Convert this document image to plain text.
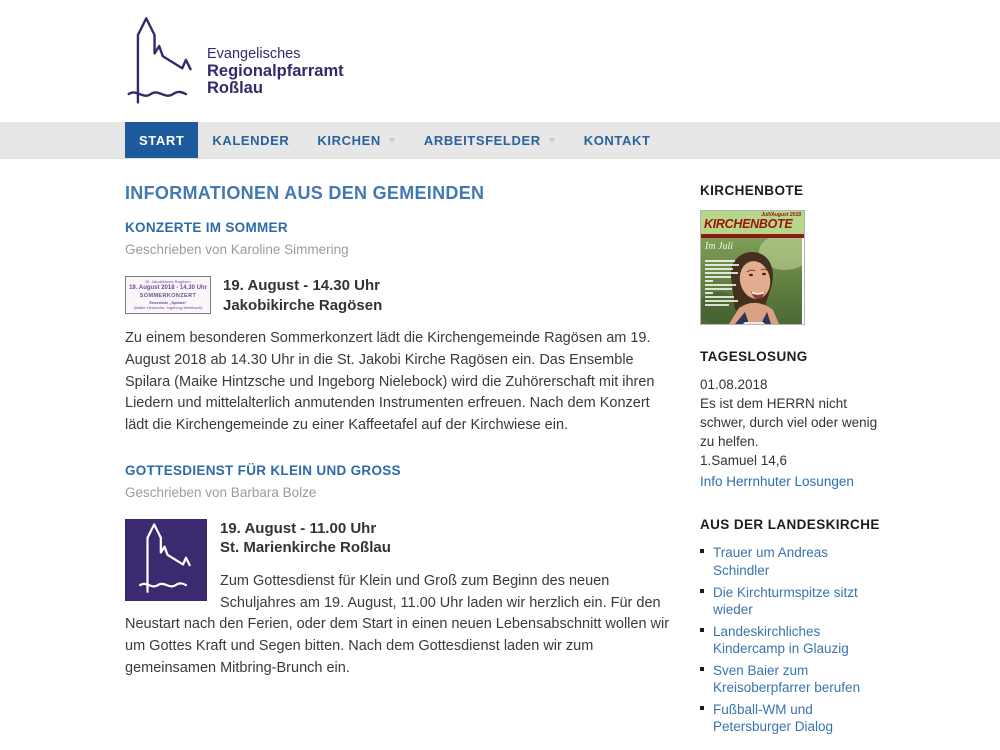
Evangelisches
Regionalpfarramt
Roßlau
START KALENDER KIRCHEN	ARBEITSFELDER	KONTAKT
INFORMATIONEN AUS DEN GEMEINDEN
KONZERTE IM SOMMER
Geschrieben von Karoline Simmering
St. Jakobikirche Ragösen
19. August 2018 - 14.30 Uhr
SOMMERKONZERT
Ensemble „Spilara“
(Maike Hintzsche, Ingeborg Nielebock)
19. August - 14.30 Uhr
Jakobikirche Ragösen
Zu einem besonderen Sommerkonzert lädt die Kirchengemeinde Ragösen am 19. August 2018 ab 14.30 Uhr in die St. Jakobi Kirche Ragösen ein. Das Ensemble Spilara (Maike Hintzsche und Ingeborg Nielebock) wird die Zuhörerschaft mit ihren Liedern und mittelalterlich anmutenden Instrumenten erfreuen. Nach dem Konzert lädt die Kirchengemeinde zu einer Kaffeetafel auf der Kirchwiese ein.
GOTTESDIENST FÜR KLEIN UND GROSS
Geschrieben von Barbara Bolze
19. August - 11.00 Uhr
St. Marienkirche Roßlau
Zum Gottesdienst für Klein und Groß zum Beginn des neuen Schuljahres am 19. August, 11.00 Uhr laden wir herzlich ein. Für den Neustart nach den Ferien, oder dem Start in einen neuen Lebensabschnitt wollen wir um Gottes Kraft und Segen bitten. Nach dem Gottesdienst laden wir zum gemeinsamen Mitbring-Brunch ein.
KIRCHENBOTE
Juli/August 2018
KIRCHENBOTE
Im Juli
TAGESLOSUNG
01.08.2018
Es ist dem HERRN nicht schwer, durch viel oder wenig zu helfen.
1.Samuel 14,6
Info Herrnhuter Losungen
AUS DER LANDESKIRCHE
Trauer um Andreas Schindler
Die Kirchturmspitze sitzt wieder
Landeskirchliches Kindercamp in Glauzig
Sven Baier zum Kreisoberpfarrer berufen
Fußball-WM und Petersburger Dialog
